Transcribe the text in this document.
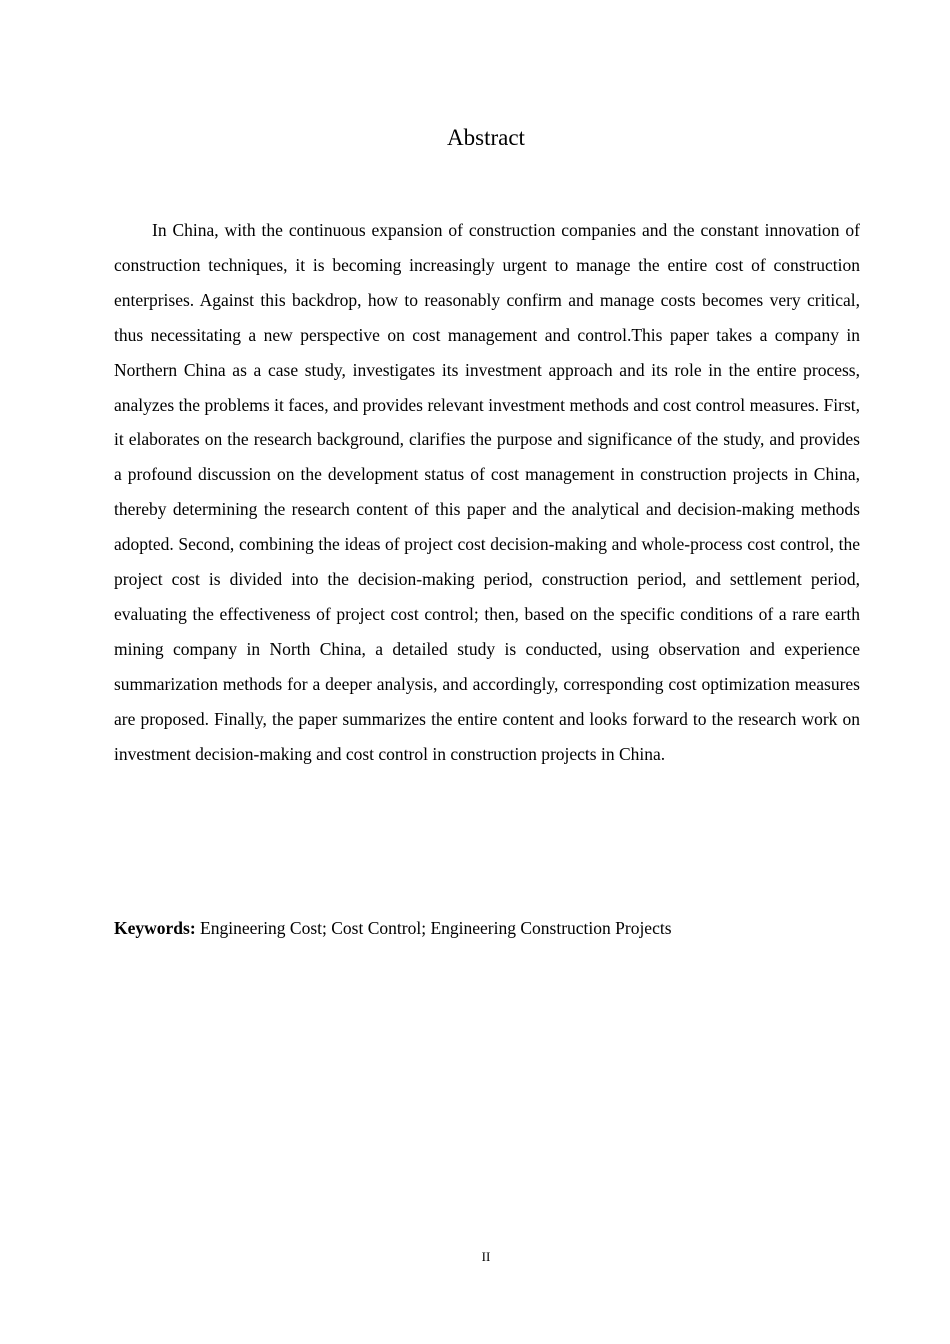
Abstract

In China, with the continuous expansion of construction companies and the constant innovation of construction techniques, it is becoming increasingly urgent to manage the entire cost of construction enterprises. Against this backdrop, how to reasonably confirm and manage costs becomes very critical, thus necessitating a new perspective on cost management and control.This paper takes a company in Northern China as a case study, investigates its investment approach and its role in the entire process, analyzes the problems it faces, and provides relevant investment methods and cost control measures. First, it elaborates on the research background, clarifies the purpose and significance of the study, and provides a profound discussion on the development status of cost management in construction projects in China, thereby determining the research content of this paper and the analytical and decision-making methods adopted. Second, combining the ideas of project cost decision-making and whole-process cost control, the project cost is divided into the decision-making period, construction period, and settlement period, evaluating the effectiveness of project cost control; then, based on the specific conditions of a rare earth mining company in North China, a detailed study is conducted, using observation and experience summarization methods for a deeper analysis, and accordingly, corresponding cost optimization measures are proposed. Finally, the paper summarizes the entire content and looks forward to the research work on investment decision-making and cost control in construction projects in China.

Keywords: Engineering Cost; Cost Control; Engineering Construction Projects

II
